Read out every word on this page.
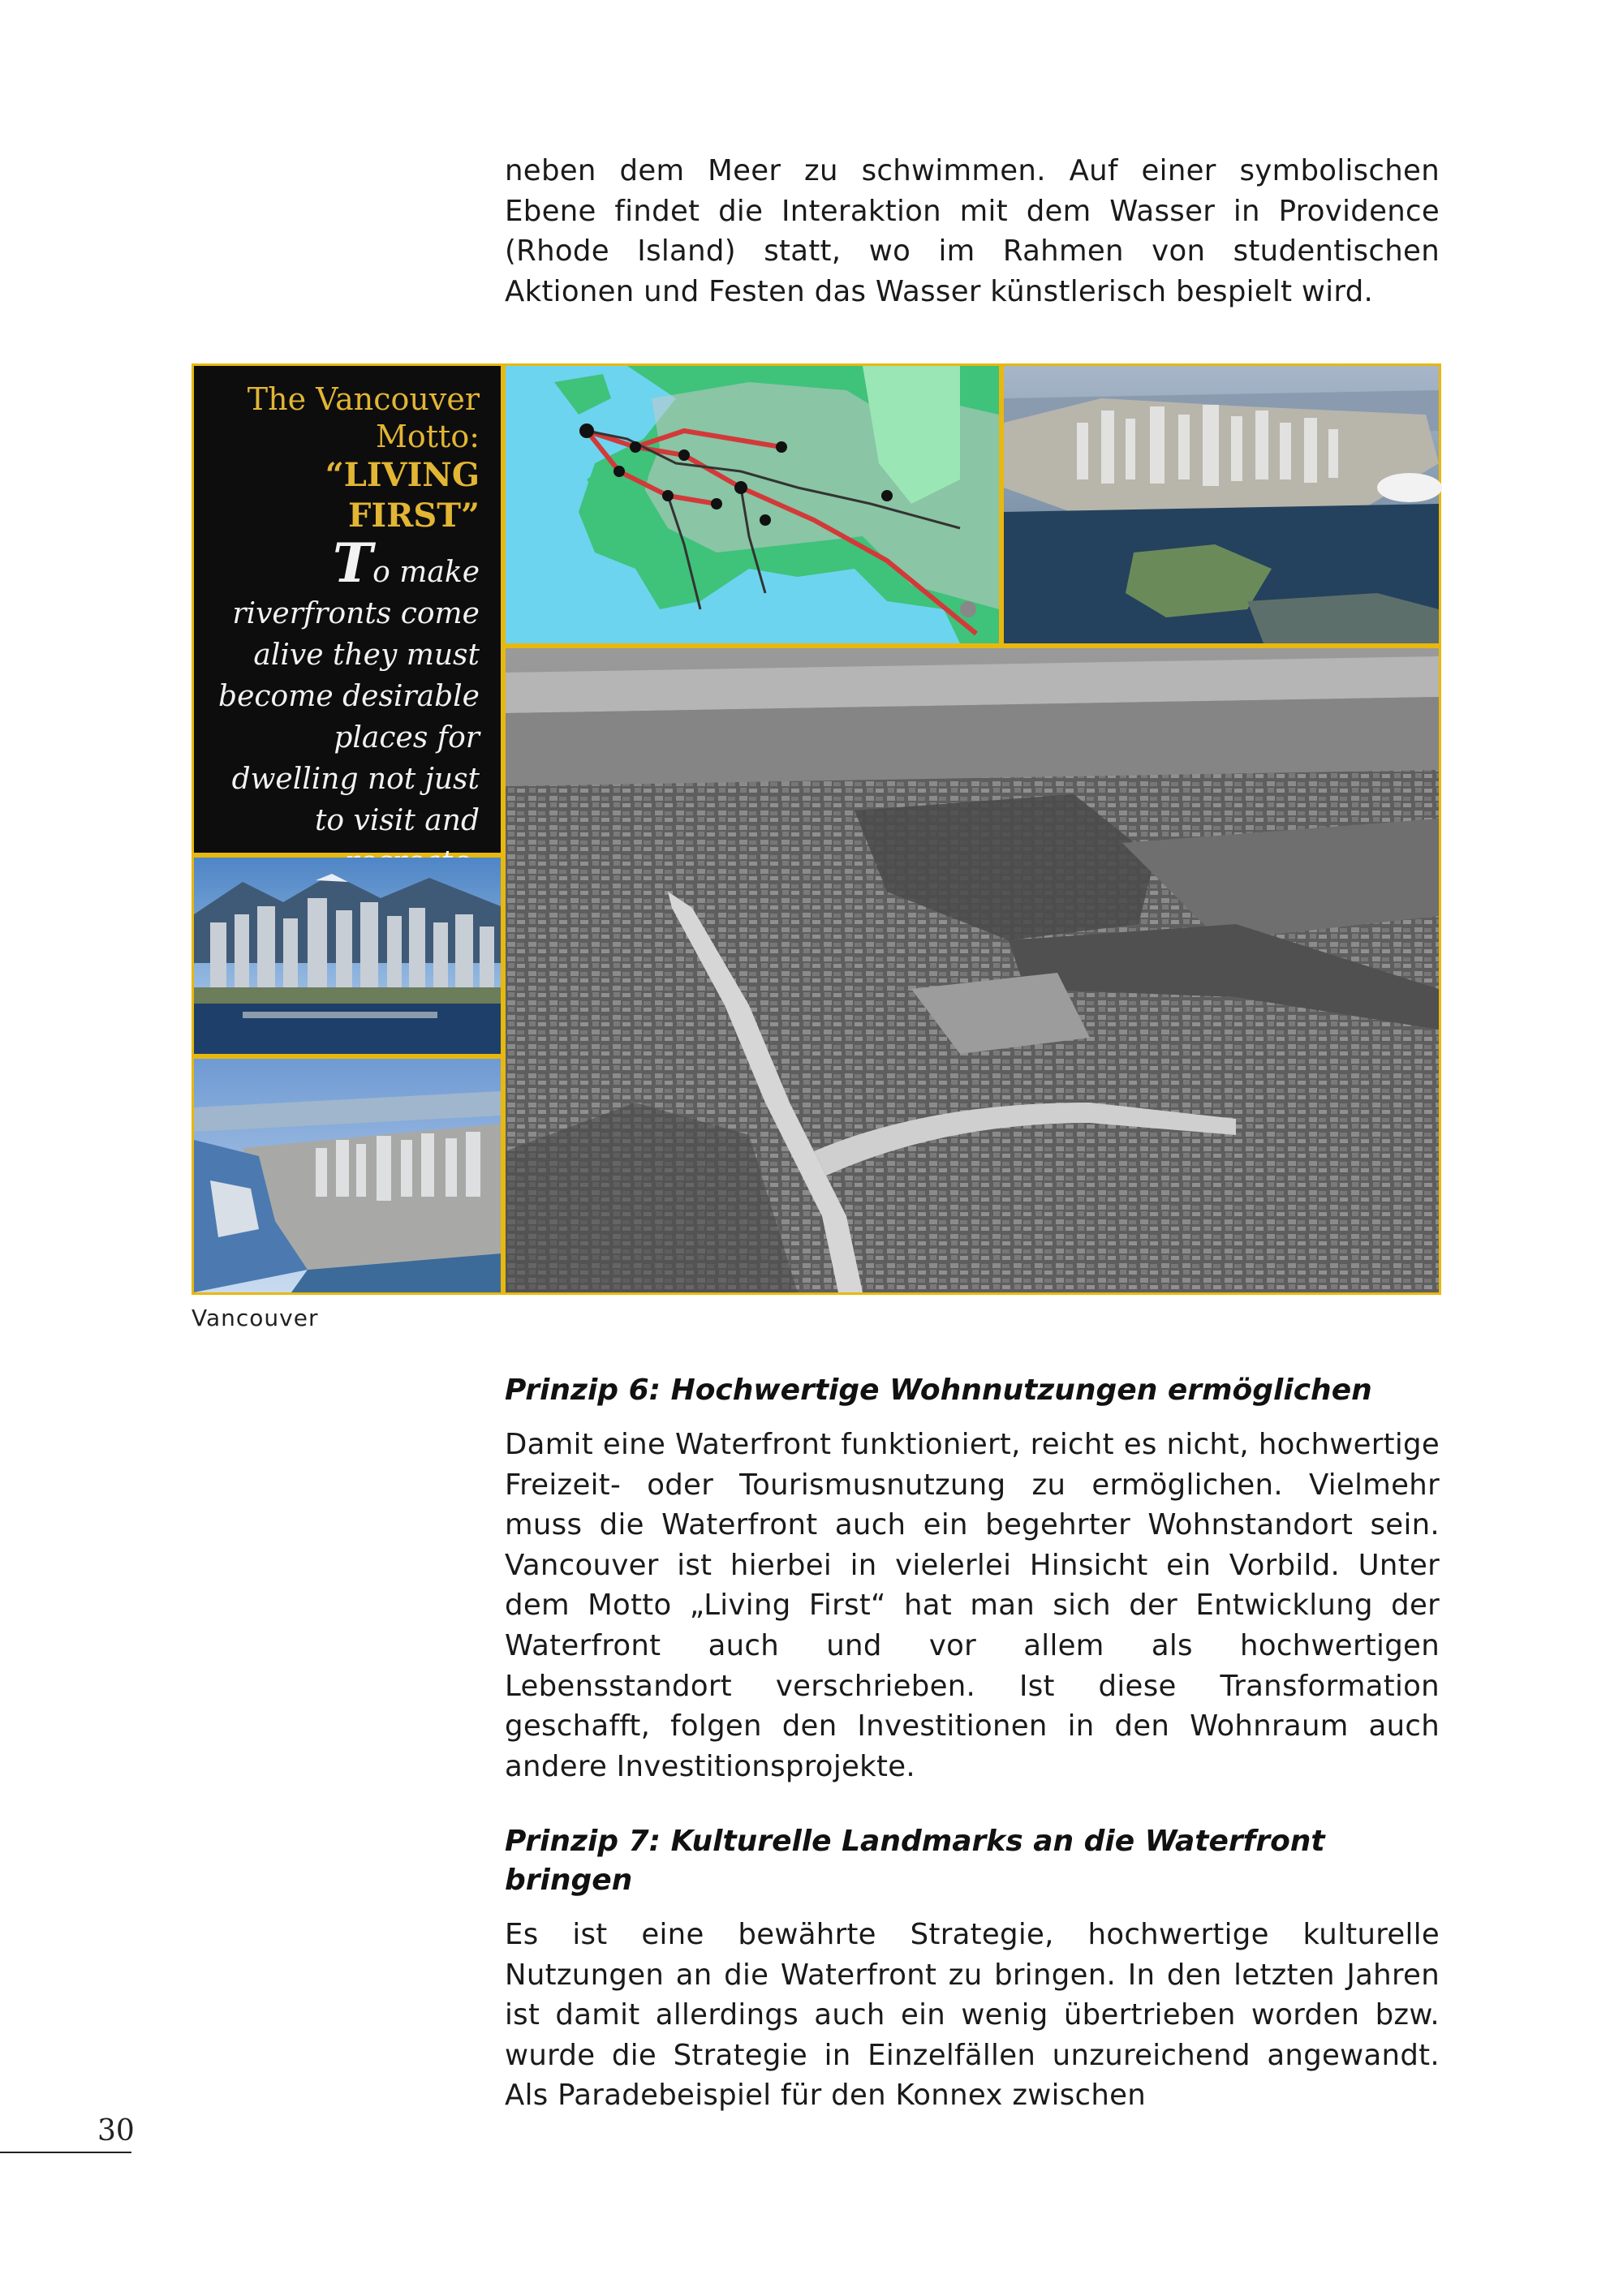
neben dem Meer zu schwimmen. Auf einer symbolischen Ebene findet die Interaktion mit dem Wasser in Providence (Rhode Island) statt, wo im Rahmen von studentischen Aktionen und Festen das Wasser künstlerisch bespielt wird.

The Vancouver
Motto:
“LIVING FIRST”
To make riverfronts come alive they must become desirable places for dwelling not just to visit and
Vancouver
Prinzip 6: Hochwertige Wohnnutzungen ermöglichen

Damit eine Waterfront funktioniert, reicht es nicht, hochwertige Freizeit- oder Tourismusnutzung zu ermöglichen. Vielmehr muss die Waterfront auch ein begehrter Wohnstandort sein. Vancouver ist hierbei in vielerlei Hinsicht ein Vorbild. Unter dem Motto „Living First“ hat man sich der Entwicklung der Waterfront auch und vor allem als hochwertigen Lebensstandort verschrieben. Ist diese Transformation geschafft, folgen den Investitionen in den Wohnraum auch andere Investitionsprojekte.

Prinzip 7: Kulturelle Landmarks an die Waterfront bringen

Es ist eine bewährte Strategie, hochwertige kulturelle Nutzungen an die Waterfront zu bringen. In den letzten Jahren ist damit allerdings auch ein wenig übertrieben worden bzw. wurde die Strategie in Einzelfällen unzureichend angewandt. Als Paradebeispiel für den Konnex zwischen

30
